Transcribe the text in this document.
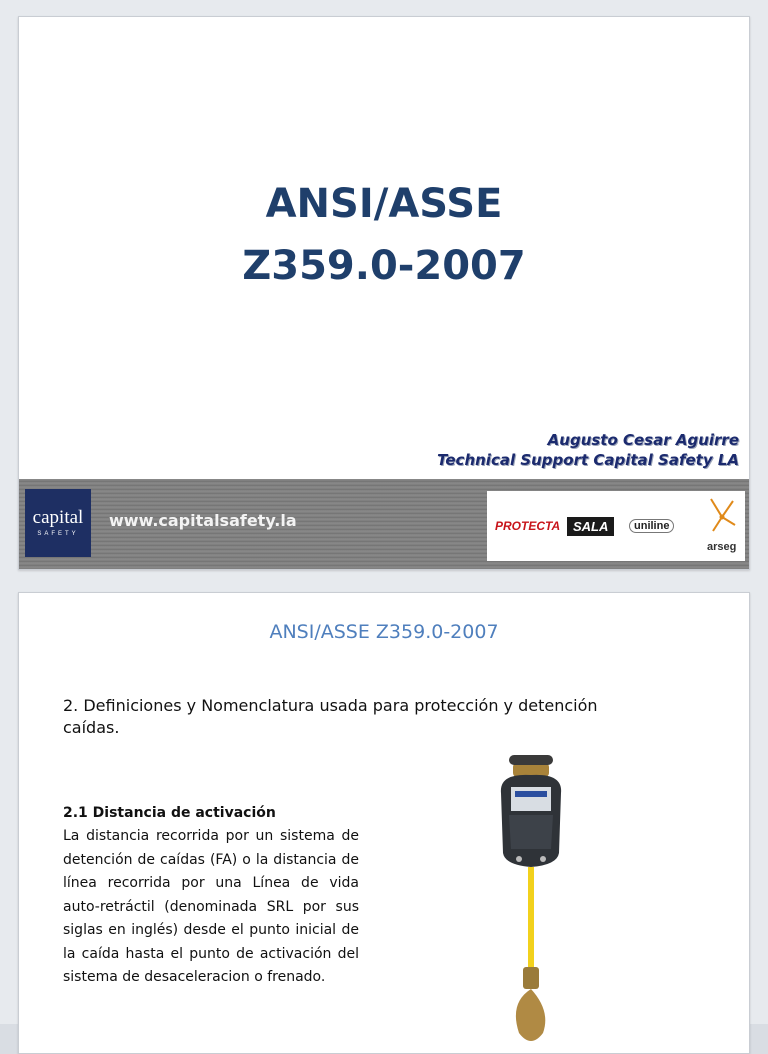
ANSI/ASSE
Z359.0-2007
Augusto Cesar Aguirre
Technical Support Capital Safety LA
capital
SAFETY
www.capitalsafety.la	PROTECTA SALA	uniline
arseg
ANSI/ASSE Z359.0-2007
2. Definiciones y Nomenclatura usada para protección y detención caídas.
2.1 Distancia de activación
La distancia recorrida por un sistema de detención de caídas (FA) o la distancia de línea recorrida por una Línea de vida auto-retráctil (denominada SRL por sus siglas en inglés) desde el punto inicial de la caída hasta el punto de activación del sistema de desaceleracion o frenado.
